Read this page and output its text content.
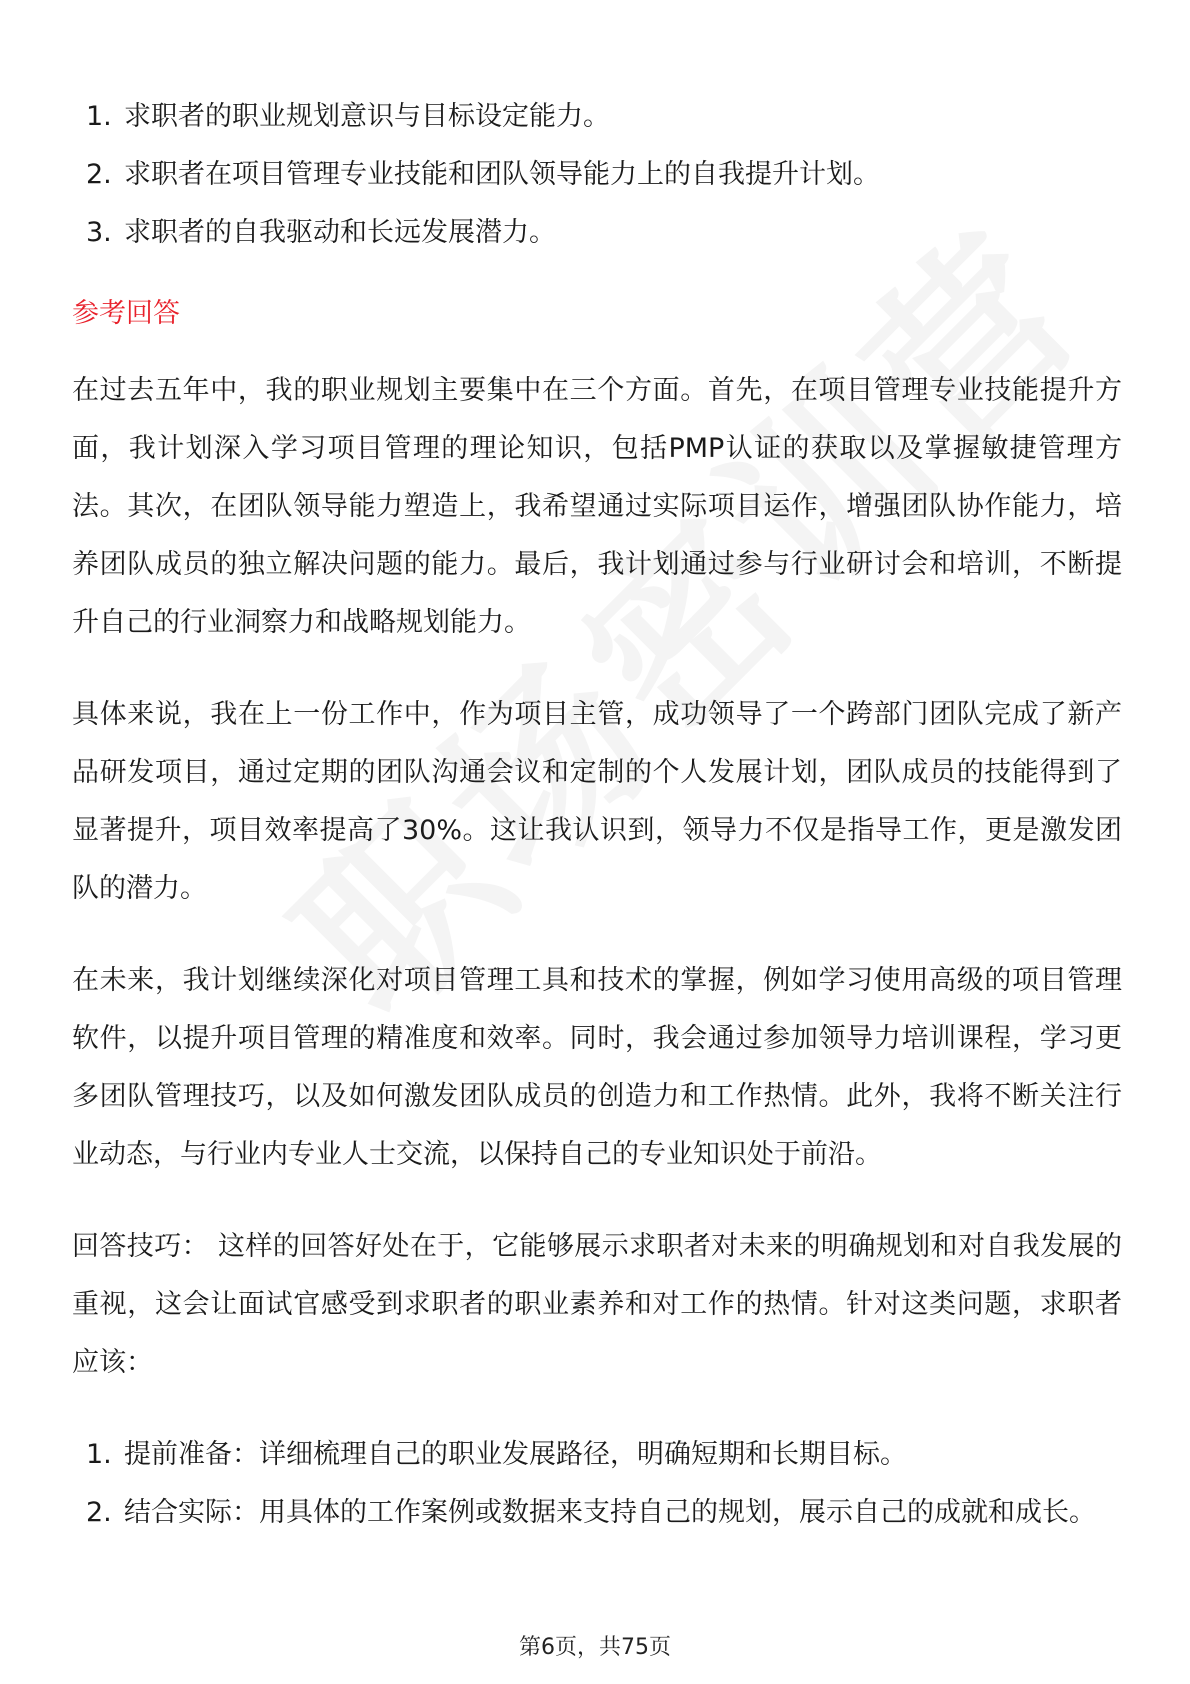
1. 求职者的职业规划意识与目标设定能力。
2. 求职者在项目管理专业技能和团队领导能力上的自我提升计划。
3. 求职者的自我驱动和长远发展潜力。
参考回答

在过去五年中，我的职业规划主要集中在三个方面。首先，在项目管理专业技能提升方面，我计划深入学习项目管理的理论知识，包括PMP认证的获取以及掌握敏捷管理方法。其次，在团队领导能力塑造上，我希望通过实际项目运作，增强团队协作能力，培养团队成员的独立解决问题的能力。最后，我计划通过参与行业研讨会和培训，不断提升自己的行业洞察力和战略规划能力。

具体来说，我在上一份工作中，作为项目主管，成功领导了一个跨部门团队完成了新产品研发项目，通过定期的团队沟通会议和定制的个人发展计划，团队成员的技能得到了显著提升，项目效率提高了30%。这让我认识到，领导力不仅是指导工作，更是激发团队的潜力。

在未来，我计划继续深化对项目管理工具和技术的掌握，例如学习使用高级的项目管理软件，以提升项目管理的精准度和效率。同时，我会通过参加领导力培训课程，学习更多团队管理技巧，以及如何激发团队成员的创造力和工作热情。此外，我将不断关注行业动态，与行业内专业人士交流，以保持自己的专业知识处于前沿。

回答技巧： 这样的回答好处在于，它能够展示求职者对未来的明确规划和对自我发展的重视，这会让面试官感受到求职者的职业素养和对工作的热情。针对这类问题，求职者应该：

1. 提前准备：详细梳理自己的职业发展路径，明确短期和长期目标。
2. 结合实际：用具体的工作案例或数据来支持自己的规划，展示自己的成就和成长。
第6页，共75页
